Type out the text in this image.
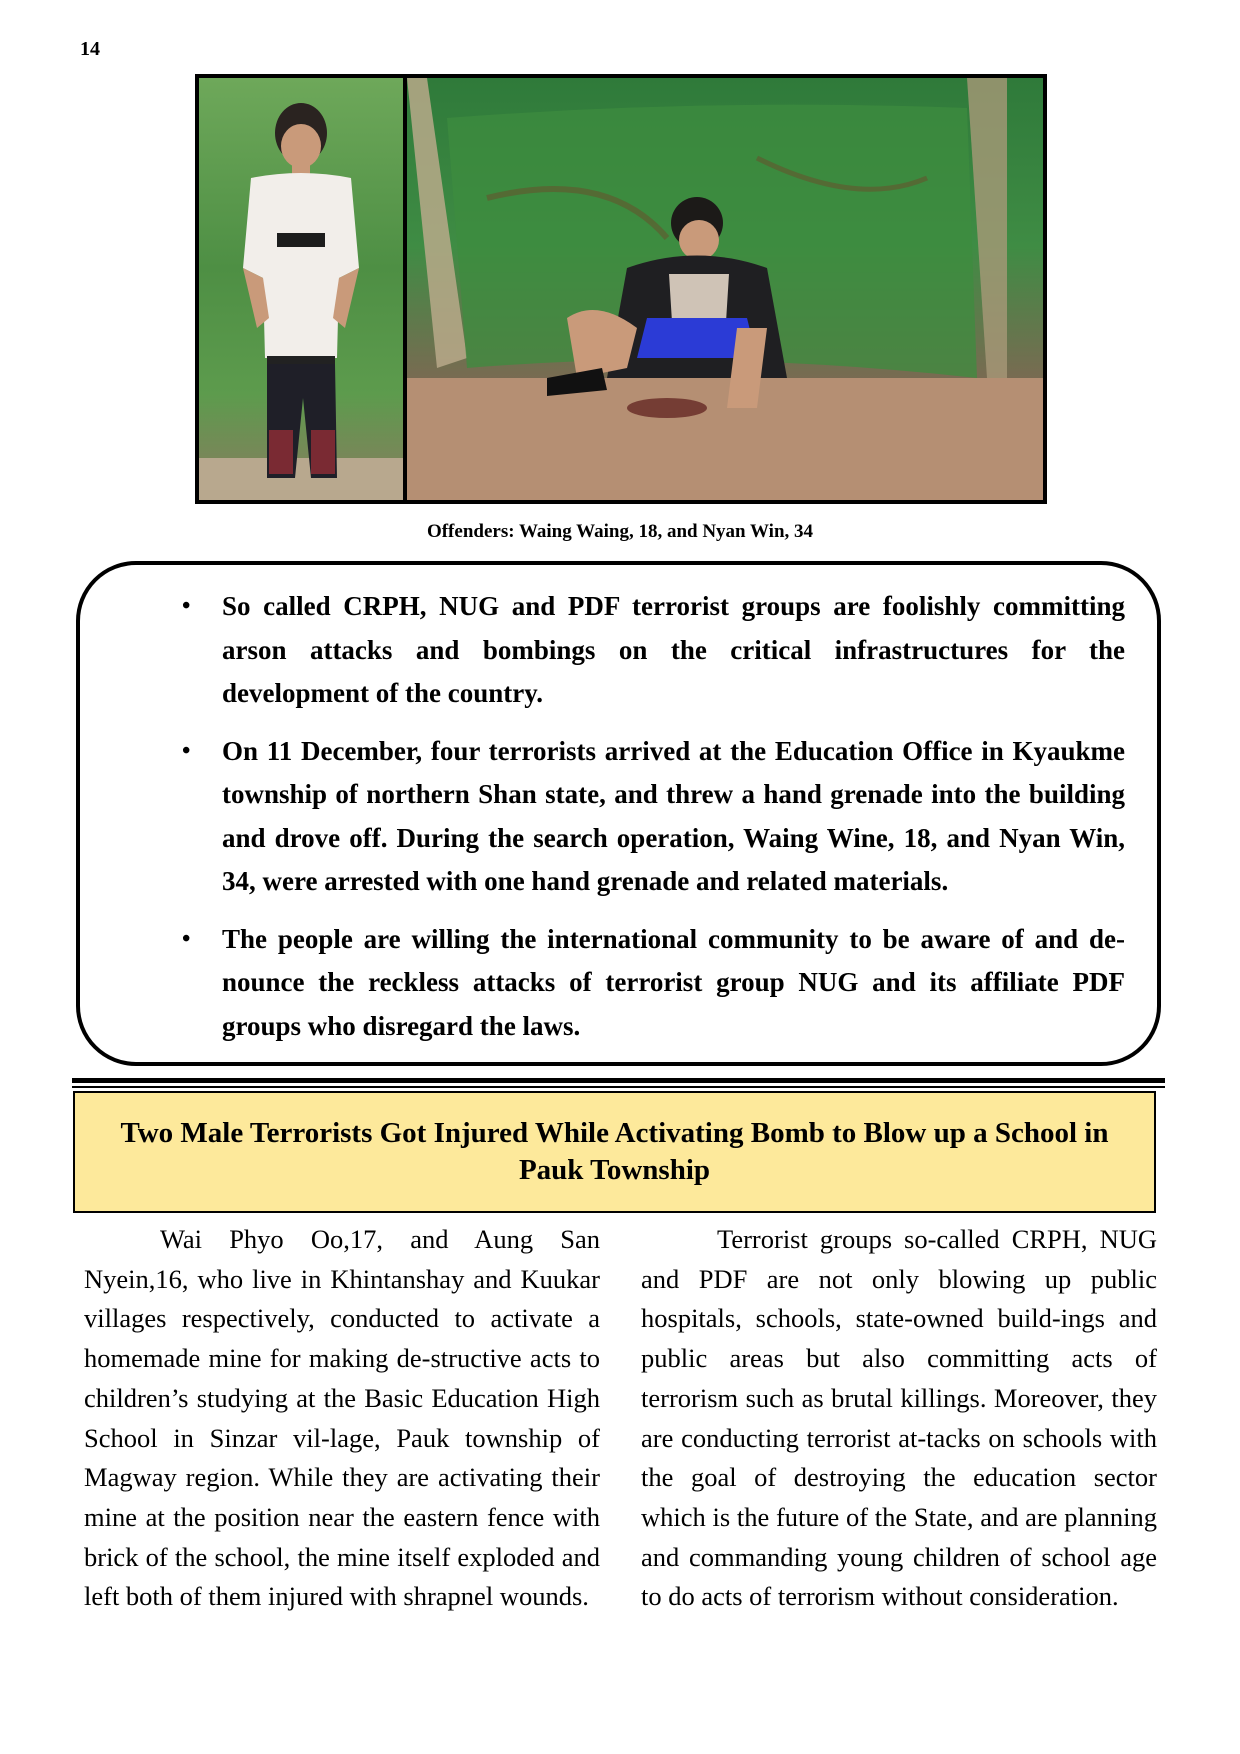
14
Offenders: Waing Waing, 18, and Nyan Win, 34
• So called CRPH, NUG and PDF terrorist groups are foolishly committing arson attacks and bombings on the critical infrastructures for the development of the country.
• On 11 December, four terrorists arrived at the Education Office in Kyaukme township of northern Shan state, and threw a hand grenade into the building and drove off. During the search operation, Waing Wine, 18, and Nyan Win, 34, were arrested with one hand grenade and related materials.
• The people are willing the international community to be aware of and de-nounce the reckless attacks of terrorist group NUG and its affiliate PDF groups who disregard the laws.
Two Male Terrorists Got Injured While Activating Bomb to Blow up a School in Pauk Township

Wai Phyo Oo,17, and Aung San Nyein,16, who live in Khintanshay and Kuukar villages respectively, conducted to activate a homemade mine for making de-structive acts to children’s studying at the Basic Education High School in Sinzar vil-lage, Pauk township of Magway region. While they are activating their mine at the position near the eastern fence with brick of the school, the mine itself exploded and left both of them injured with shrapnel wounds.

Terrorist groups so-called CRPH, NUG and PDF are not only blowing up public hospitals, schools, state-owned build-ings and public areas but also committing acts of terrorism such as brutal killings. Moreover, they are conducting terrorist at-tacks on schools with the goal of destroying the education sector which is the future of the State, and are planning and commanding young children of school age to do acts of terrorism without consideration.
